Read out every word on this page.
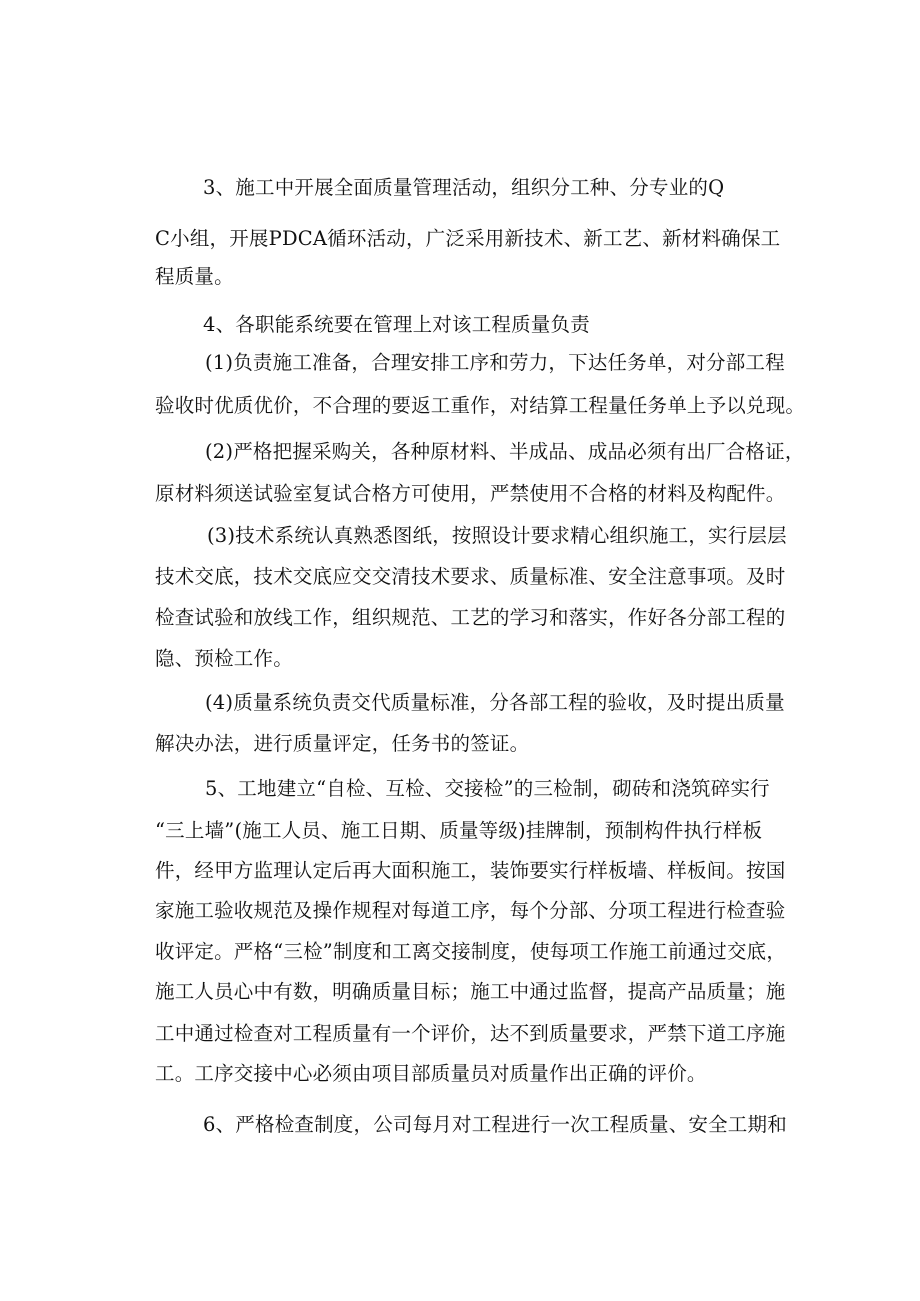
3、施工中开展全面质量管理活动，组织分工种、分专业的Q
C小组，开展PDCA循环活动，广泛采用新技术、新工艺、新材料确保工
程质量。
4、各职能系统要在管理上对该工程质量负责
(1)负责施工准备，合理安排工序和劳力，下达任务单，对分部工程
验收时优质优价，不合理的要返工重作，对结算工程量任务单上予以兑现。
(2)严格把握采购关，各种原材料、半成品、成品必须有出厂合格证，
原材料须送试验室复试合格方可使用，严禁使用不合格的材料及构配件。
(3)技术系统认真熟悉图纸，按照设计要求精心组织施工，实行层层
技术交底，技术交底应交交清技术要求、质量标准、安全注意事项。及时
检查试验和放线工作，组织规范、工艺的学习和落实，作好各分部工程的
隐、预检工作。
(4)质量系统负责交代质量标准，分各部工程的验收，及时提出质量
解决办法，进行质量评定，任务书的签证。
5、工地建立“自检、互检、交接检”的三检制，砌砖和浇筑碎实行
“三上墙”(施工人员、施工日期、质量等级)挂牌制，预制构件执行样板
件，经甲方监理认定后再大面积施工，装饰要实行样板墙、样板间。按国
家施工验收规范及操作规程对每道工序，每个分部、分项工程进行检查验
收评定。严格“三检”制度和工离交接制度，使每项工作施工前通过交底，
施工人员心中有数，明确质量目标；施工中通过监督，提高产品质量；施
工中通过检查对工程质量有一个评价，达不到质量要求，严禁下道工序施
工。工序交接中心必须由项目部质量员对质量作出正确的评价。
6、严格检查制度，公司每月对工程进行一次工程质量、安全工期和
